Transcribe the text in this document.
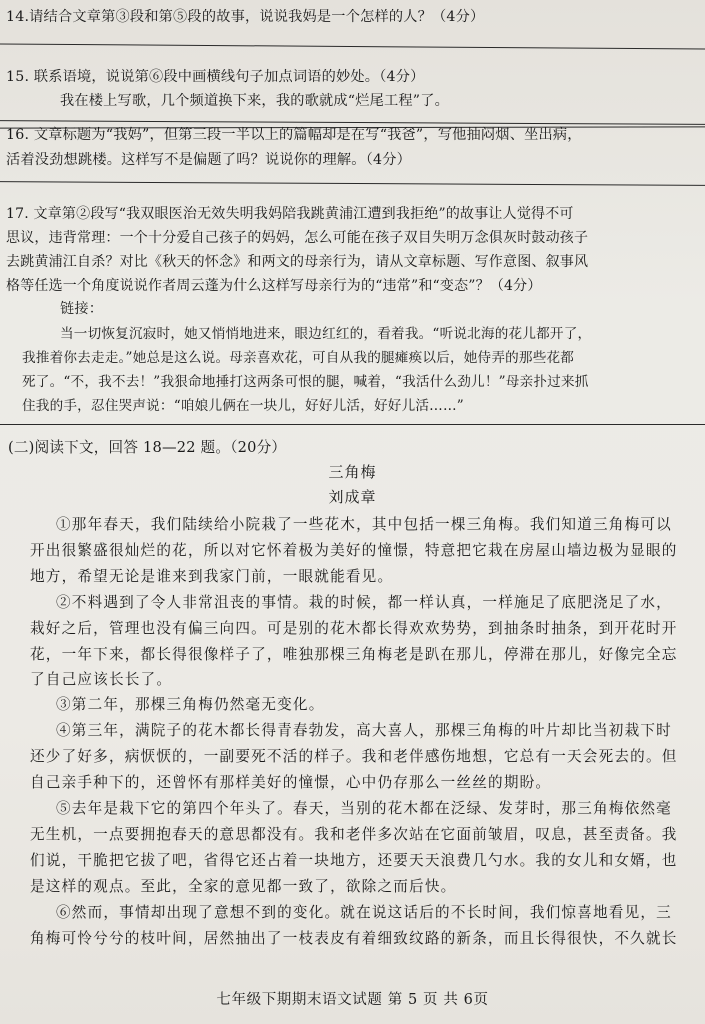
14.请结合文章第③段和第⑤段的故事，说说我妈是一个怎样的人？（4分）
15. 联系语境，说说第⑥段中画横线句子加点词语的妙处。（4分）
我在楼上写歌，几个频道换下来，我的歌就成“烂尾工程”了。
16. 文章标题为“我妈”，但第三段一半以上的篇幅却是在写“我爸”，写他抽闷烟、坐出病，
活着没劲想跳楼。这样写不是偏题了吗？说说你的理解。（4分）
17. 文章第②段写“我双眼医治无效失明我妈陪我跳黄浦江遭到我拒绝”的故事让人觉得不可
思议，违背常理：一个十分爱自己孩子的妈妈，怎么可能在孩子双目失明万念俱灰时鼓动孩子
去跳黄浦江自杀？对比《秋天的怀念》和两文的母亲行为，请从文章标题、写作意图、叙事风
格等任选一个角度说说作者周云蓬为什么这样写母亲行为的“违常”和“变态”？（4分）
链接：
当一切恢复沉寂时，她又悄悄地进来，眼边红红的，看着我。“听说北海的花儿都开了，
我推着你去走走。”她总是这么说。母亲喜欢花，可自从我的腿瘫痪以后，她侍弄的那些花都
死了。“不，我不去！”我狠命地捶打这两条可恨的腿，喊着，“我活什么劲儿！”母亲扑过来抓
住我的手，忍住哭声说：“咱娘儿俩在一块儿，好好儿活，好好儿活……”
(二)阅读下文，回答 18—22 题。（20分）
三角梅
刘成章
①那年春天，我们陆续给小院栽了一些花木，其中包括一棵三角梅。我们知道三角梅可以
开出很繁盛很灿烂的花，所以对它怀着极为美好的憧憬，特意把它栽在房屋山墙边极为显眼的
地方，希望无论是谁来到我家门前，一眼就能看见。
②不料遇到了令人非常沮丧的事情。栽的时候，都一样认真，一样施足了底肥浇足了水，
栽好之后，管理也没有偏三向四。可是别的花木都长得欢欢势势，到抽条时抽条，到开花时开
花，一年下来，都长得很像样子了，唯独那棵三角梅老是趴在那儿，停滞在那儿，好像完全忘
了自己应该长长了。
③第二年，那棵三角梅仍然毫无变化。
④第三年，满院子的花木都长得青春勃发，高大喜人，那棵三角梅的叶片却比当初栽下时
还少了好多，病恹恹的，一副要死不活的样子。我和老伴感伤地想，它总有一天会死去的。但
自己亲手种下的，还曾怀有那样美好的憧憬，心中仍存那么一丝丝的期盼。
⑤去年是栽下它的第四个年头了。春天，当别的花木都在泛绿、发芽时，那三角梅依然毫
无生机，一点要拥抱春天的意思都没有。我和老伴多次站在它面前皱眉，叹息，甚至责备。我
们说，干脆把它拔了吧，省得它还占着一块地方，还要天天浪费几勺水。我的女儿和女婿，也
是这样的观点。至此，全家的意见都一致了，欲除之而后快。
⑥然而，事情却出现了意想不到的变化。就在说这话后的不长时间，我们惊喜地看见，三
角梅可怜兮兮的枝叶间，居然抽出了一枝表皮有着细致纹路的新条，而且长得很快，不久就长
七年级下期期末语文试题 第 5 页 共 6页
